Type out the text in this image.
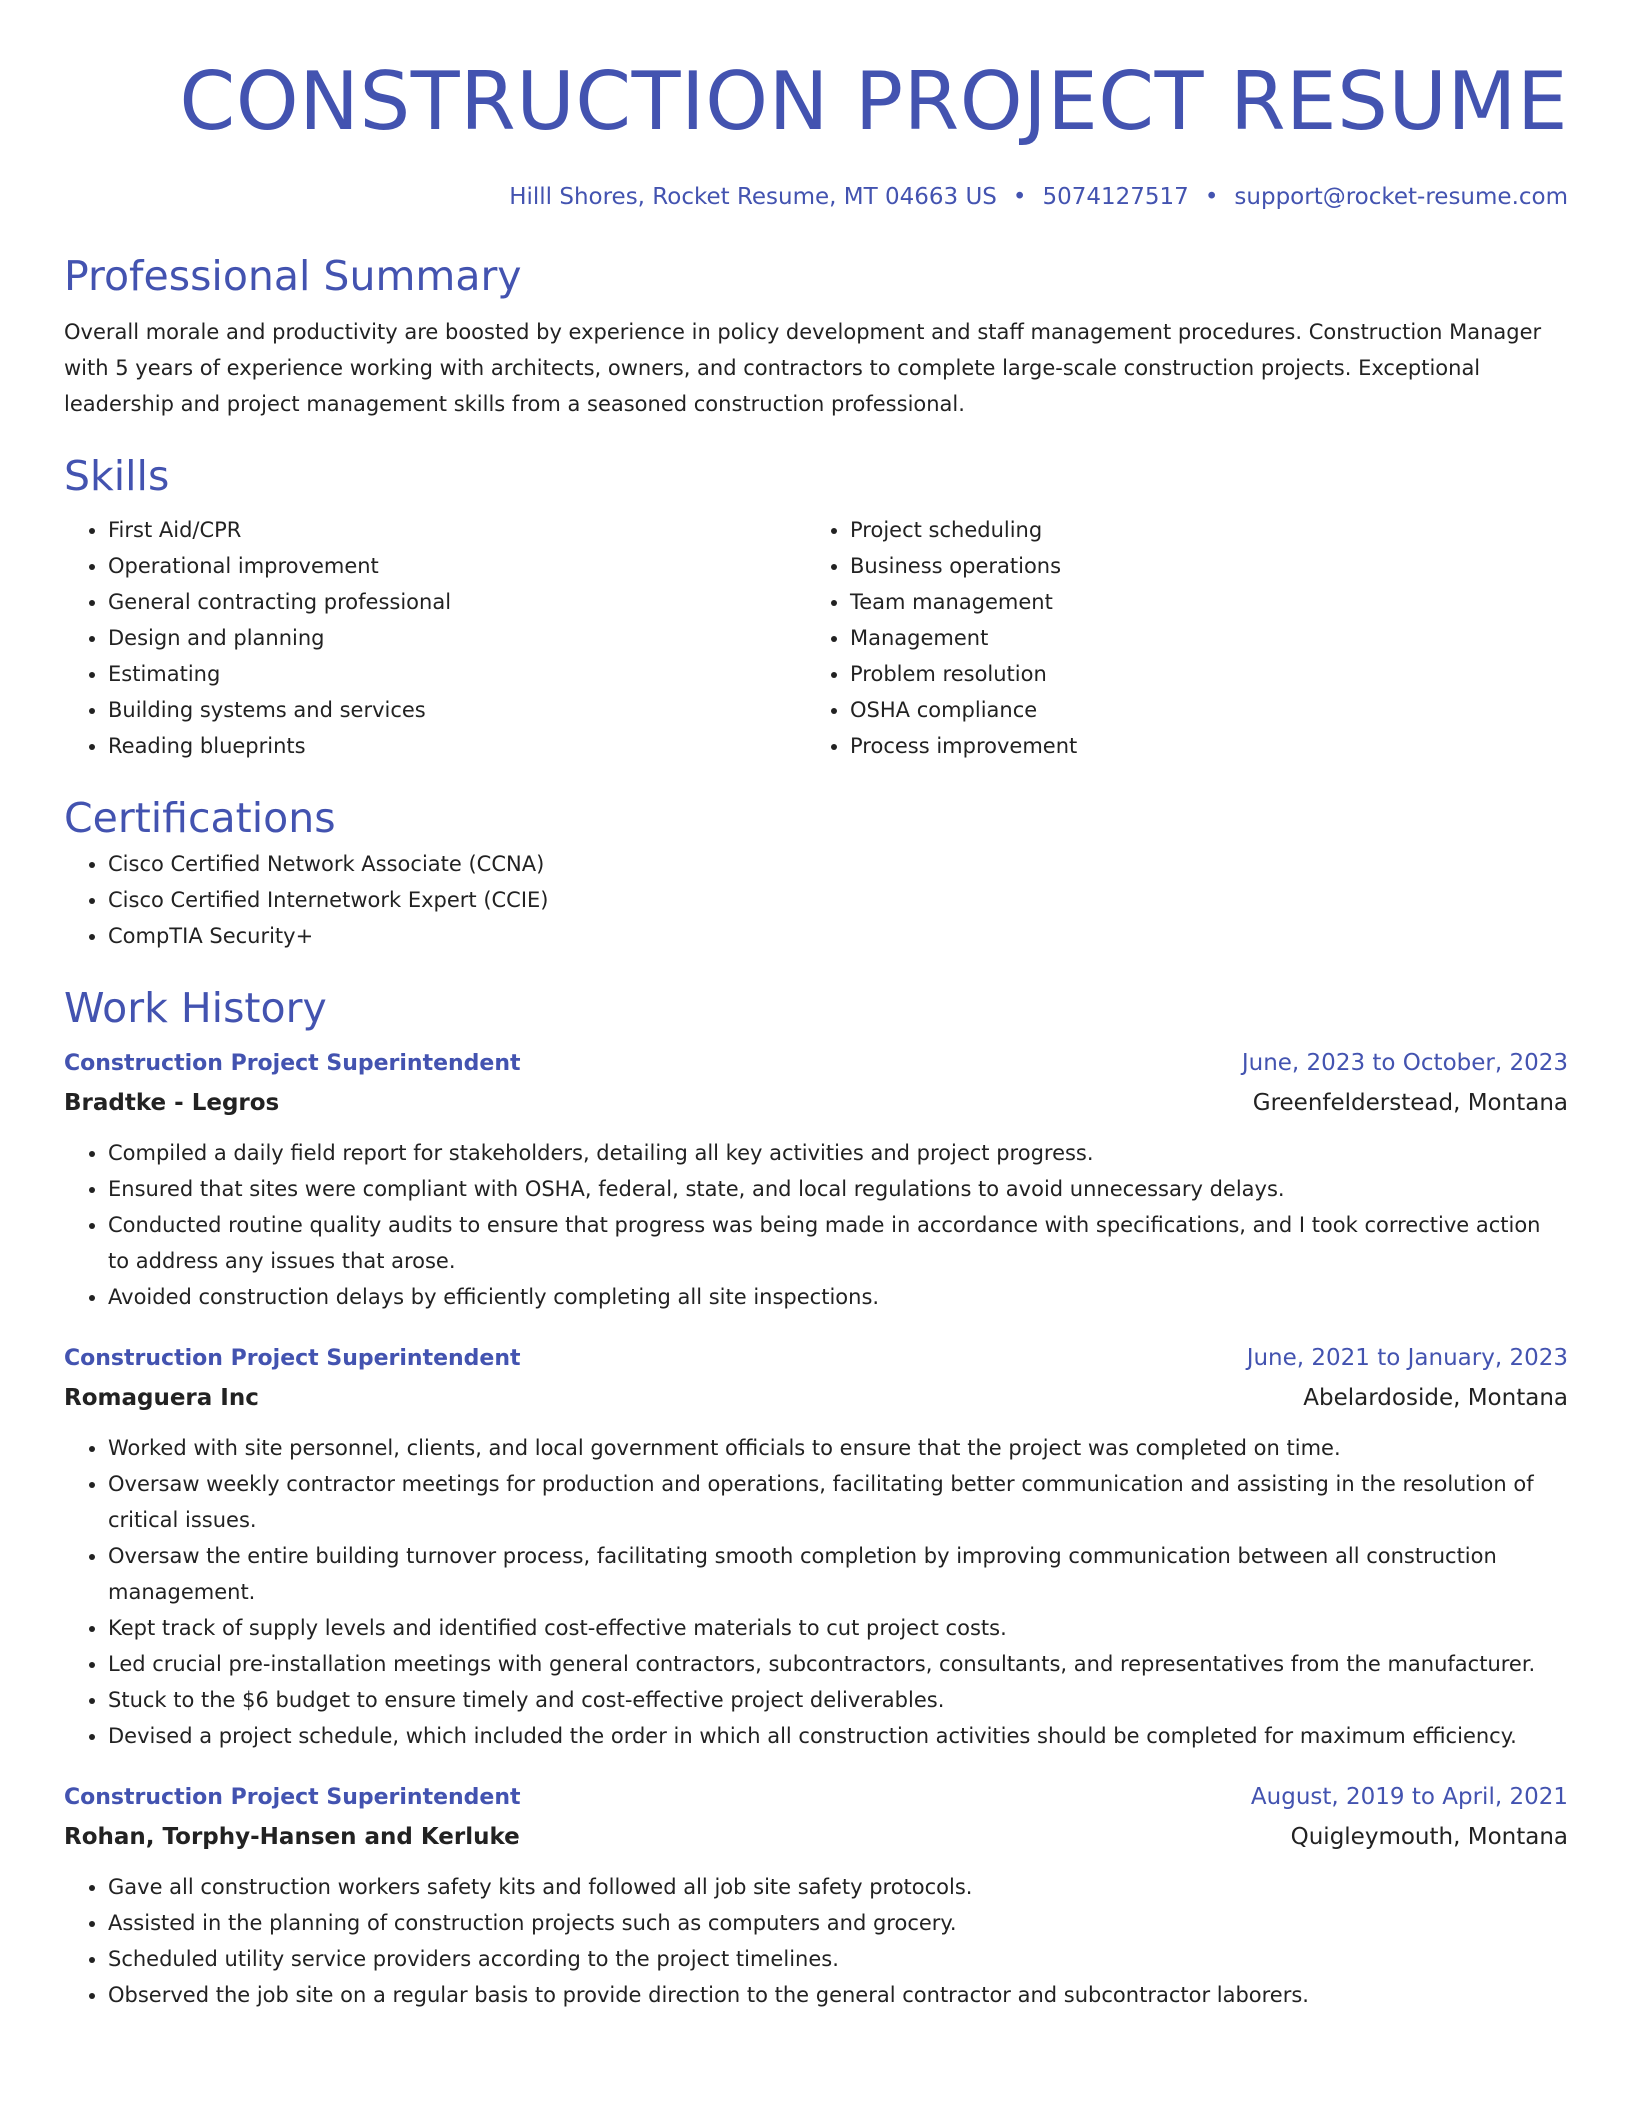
CONSTRUCTION PROJECT RESUME
Hilll Shores, Rocket Resume, MT 04663 US • 5074127517 • support@rocket-resume.com
Professional Summary

Overall morale and productivity are boosted by experience in policy development and staff management procedures. Construction Manager with 5 years of experience working with architects, owners, and contractors to complete large-scale construction projects. Exceptional leadership and project management skills from a seasoned construction professional.

Skills
• First Aid/CPR
• Operational improvement
• General contracting professional
• Design and planning
• Estimating
• Building systems and services
• Reading blueprints
• Project scheduling
• Business operations
• Team management
• Management
• Problem resolution
• OSHA compliance
• Process improvement
Certifications
• Cisco Certified Network Associate (CCNA)
• Cisco Certified Internetwork Expert (CCIE)
• CompTIA Security+
Work History
Construction Project Superintendent	June, 2023 to October, 2023
Bradtke - Legros	Greenfelderstead, Montana
• Compiled a daily field report for stakeholders, detailing all key activities and project progress.
• Ensured that sites were compliant with OSHA, federal, state, and local regulations to avoid unnecessary delays.
• Conducted routine quality audits to ensure that progress was being made in accordance with specifications, and I took corrective action to address any issues that arose.
• Avoided construction delays by efficiently completing all site inspections.
Construction Project Superintendent	June, 2021 to January, 2023
Romaguera Inc	Abelardoside, Montana
• Worked with site personnel, clients, and local government officials to ensure that the project was completed on time.
• Oversaw weekly contractor meetings for production and operations, facilitating better communication and assisting in the resolution of critical issues.
• Oversaw the entire building turnover process, facilitating smooth completion by improving communication between all construction management.
• Kept track of supply levels and identified cost-effective materials to cut project costs.
• Led crucial pre-installation meetings with general contractors, subcontractors, consultants, and representatives from the manufacturer.
• Stuck to the $6 budget to ensure timely and cost-effective project deliverables.
• Devised a project schedule, which included the order in which all construction activities should be completed for maximum efficiency.
Construction Project Superintendent	August, 2019 to April, 2021
Rohan, Torphy-Hansen and Kerluke	Quigleymouth, Montana
• Gave all construction workers safety kits and followed all job site safety protocols.
• Assisted in the planning of construction projects such as computers and grocery.
• Scheduled utility service providers according to the project timelines.
• Observed the job site on a regular basis to provide direction to the general contractor and subcontractor laborers.
